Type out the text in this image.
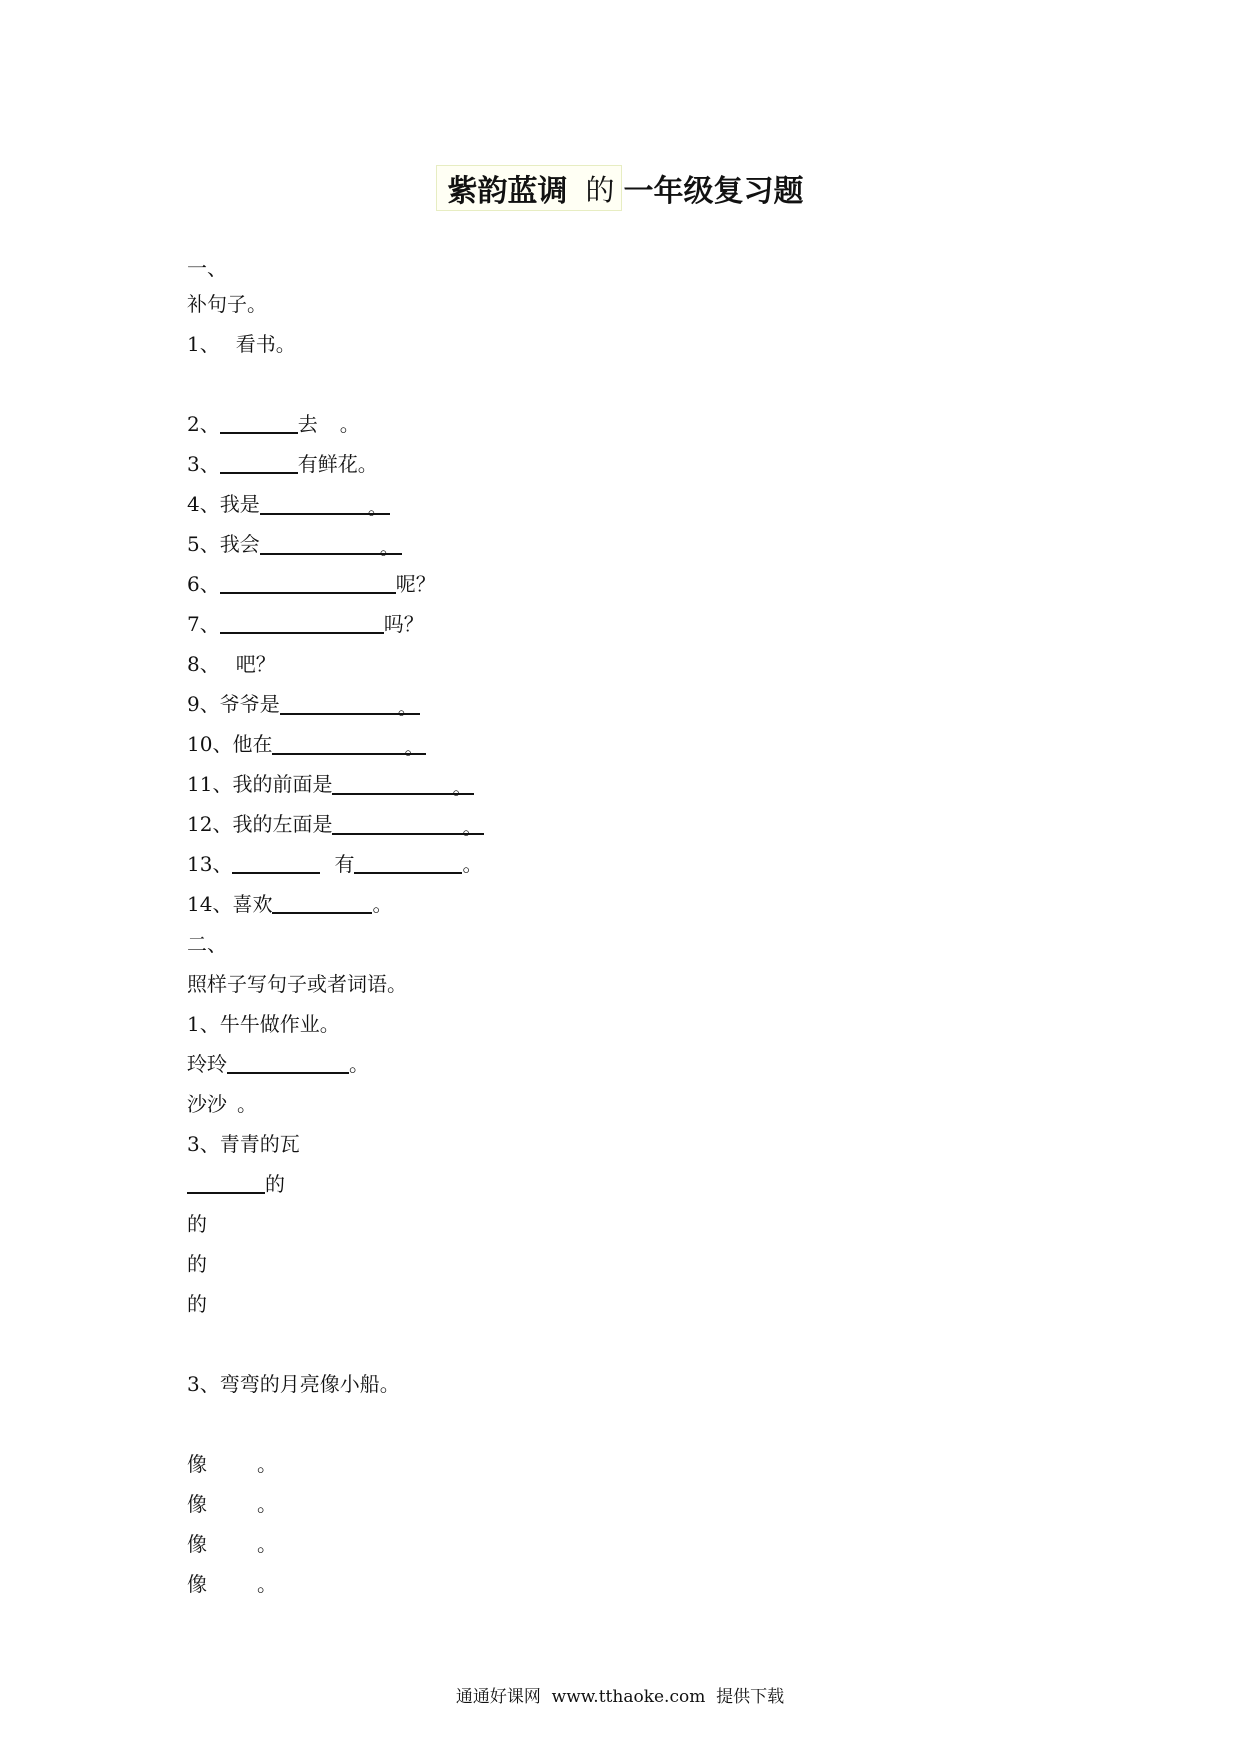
紫韵蓝调 的 一年级复习题
一、
补句子。
1、 看书。
2、	去 。
3、	有鲜花。
4、我是	。
5、我会	。
6、	呢？
7、	吗？
8、 吧？
9、爷爷是	。
10、他在	。
11、我的前面是	。
12、我的左面是	。
13、	有	。
14、喜欢	。
二、
照样子写句子或者词语。
1、牛牛做作业。
玲玲	。
沙沙 。
3、青青的瓦
的
的
的
的
3、弯弯的月亮像小船。
像	。
像	。
像	。
像	。
通通好课网  www.tthaoke.com  提供下载
